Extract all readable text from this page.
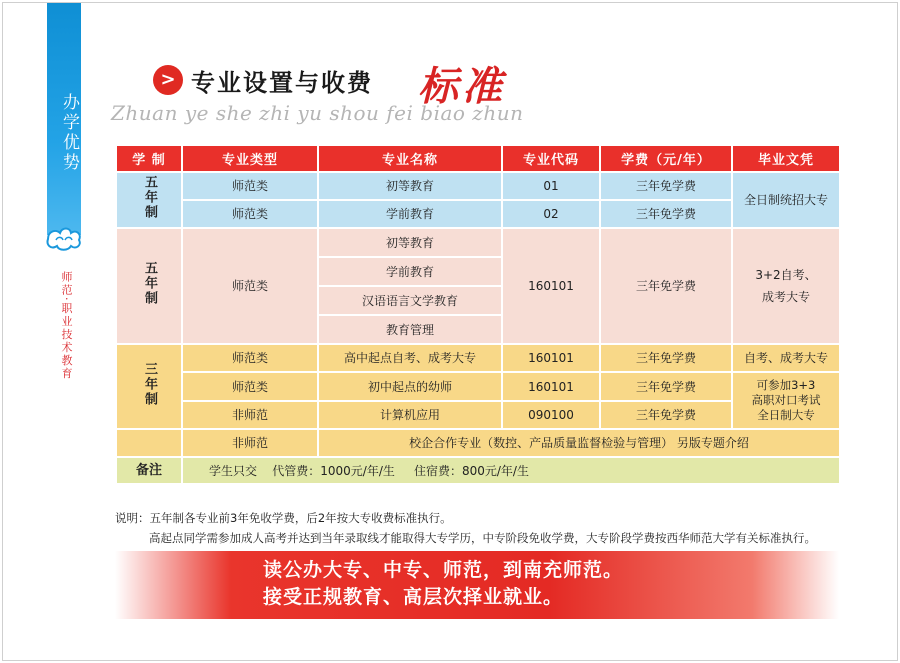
办学优势
师范·职业技术教育
> 专业设置与收费 标准
Zhuan ye she zhi yu shou fei biao zhun
学 制	专业类型	专业名称	专业代码	学费（元/年）	毕业文凭
五年制	师范类	初等教育	01	三年免学费	全日制统招大专
	师范类	学前教育	02	三年免学费	
五年制	师范类	初等教育	160101	三年免学费	3+2自考、
成考大专

		学前教育			
		汉语语言文学教育			
		教育管理			
三年制	师范类	高中起点自考、成考大专	160101	三年免学费	自考、成考大专
	师范类	初中起点的幼师	160101	三年免学费	可参加3+3
高职对口考试
全日制大专

	非师范	计算机应用	090100	三年免学费	
	非师范	校企合作专业（数控、产品质量监督检验与管理） 另版专题介绍			
备注	学生只交    代管费：1000元/年/生     住宿费：800元/年/生				
说明：五年制各专业前3年免收学费，后2年按大专收费标准执行。
高起点同学需参加成人高考并达到当年录取线才能取得大专学历，中专阶段免收学费，大专阶段学费按西华师范大学有关标准执行。
读公办大专、中专、师范，到南充师范。
接受正规教育、高层次择业就业。
